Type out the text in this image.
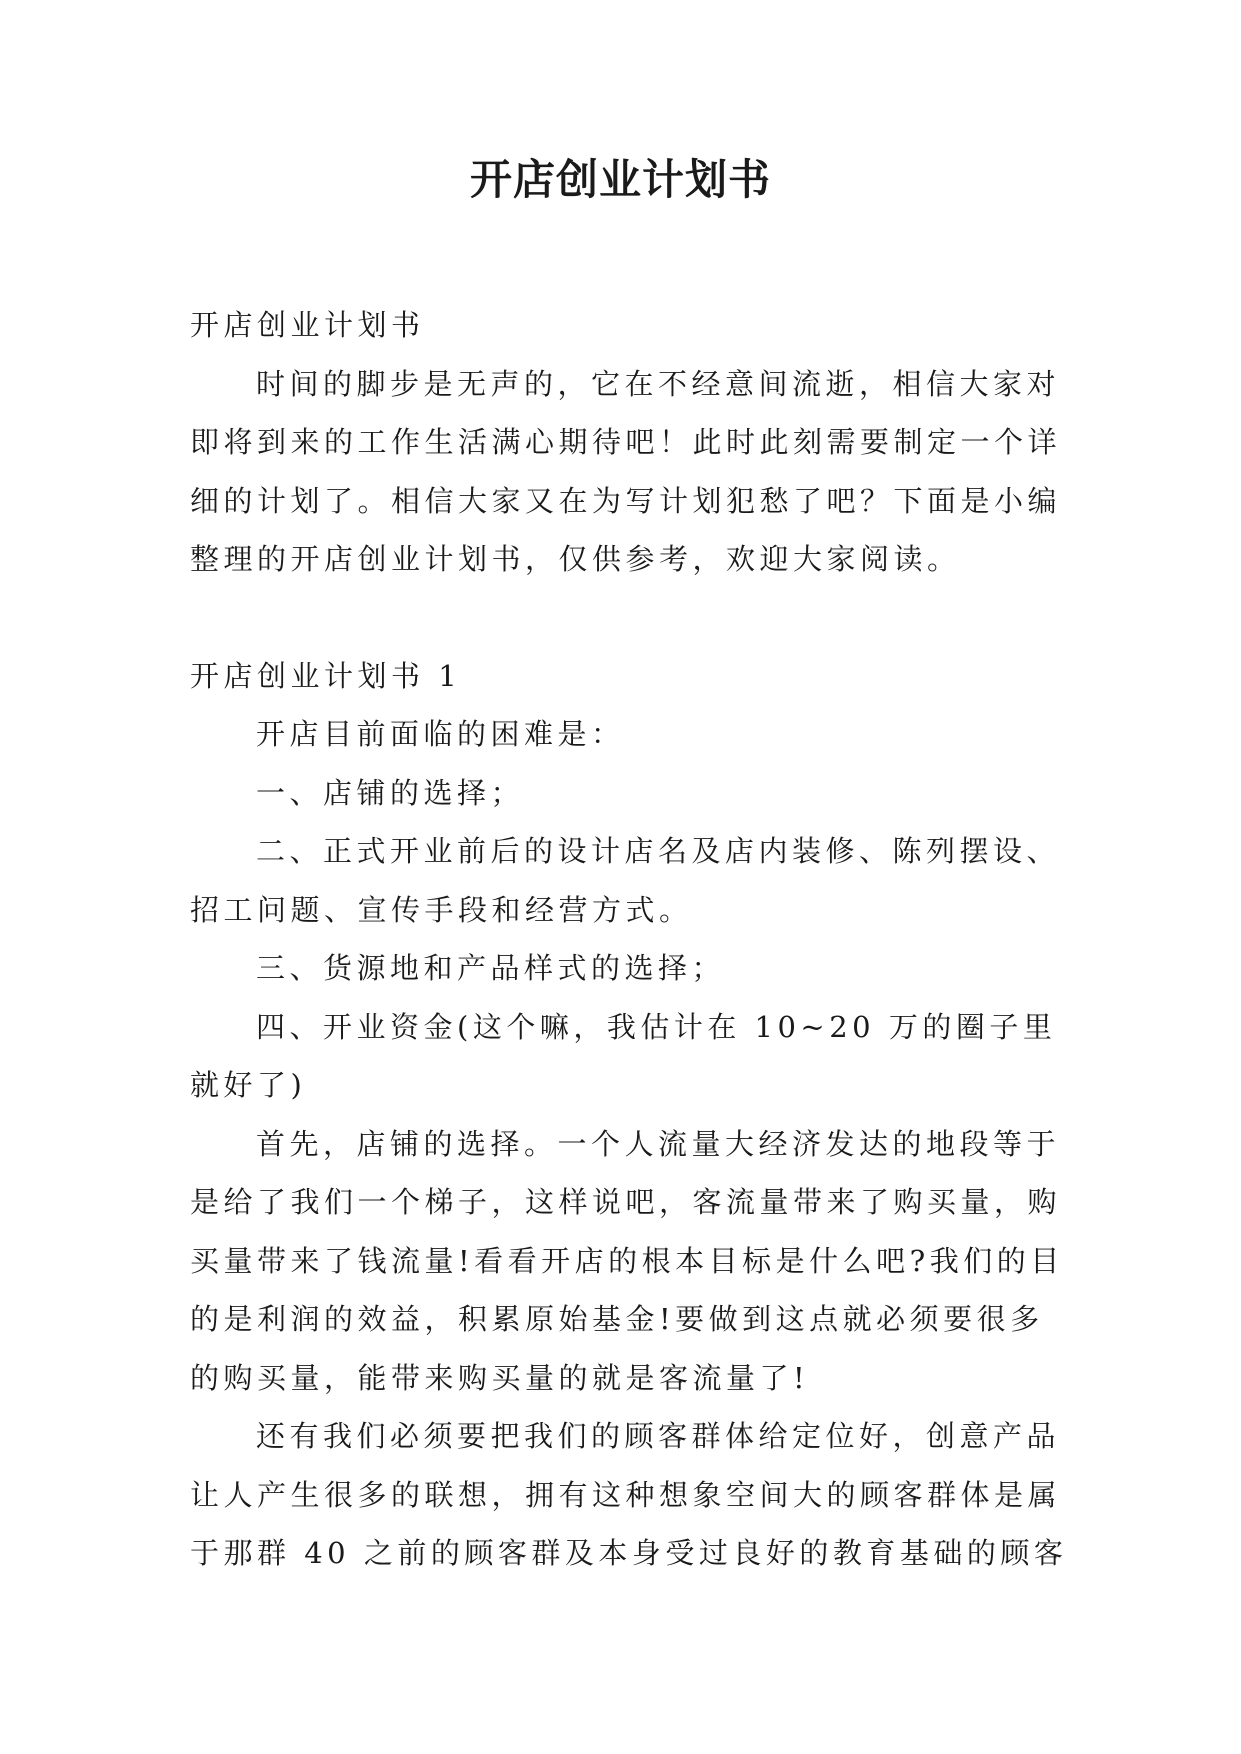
开店创业计划书

开店创业计划书

时间的脚步是无声的，它在不经意间流逝，相信大家对即将到来的工作生活满心期待吧！此时此刻需要制定一个详细的计划了。相信大家又在为写计划犯愁了吧？下面是小编整理的开店创业计划书，仅供参考，欢迎大家阅读。

开店创业计划书 1

开店目前面临的困难是：

一、店铺的选择；

二、正式开业前后的设计店名及店内装修、陈列摆设、招工问题、宣传手段和经营方式。

三、货源地和产品样式的选择；

四、开业资金(这个嘛，我估计在 10~20 万的圈子里就好了)

首先，店铺的选择。一个人流量大经济发达的地段等于是给了我们一个梯子，这样说吧，客流量带来了购买量，购买量带来了钱流量!看看开店的根本目标是什么吧?我们的目的是利润的效益，积累原始基金!要做到这点就必须要很多的购买量，能带来购买量的就是客流量了!

还有我们必须要把我们的顾客群体给定位好，创意产品让人产生很多的联想，拥有这种想象空间大的顾客群体是属于那群 40 之前的顾客群及本身受过良好的教育基础的顾客
